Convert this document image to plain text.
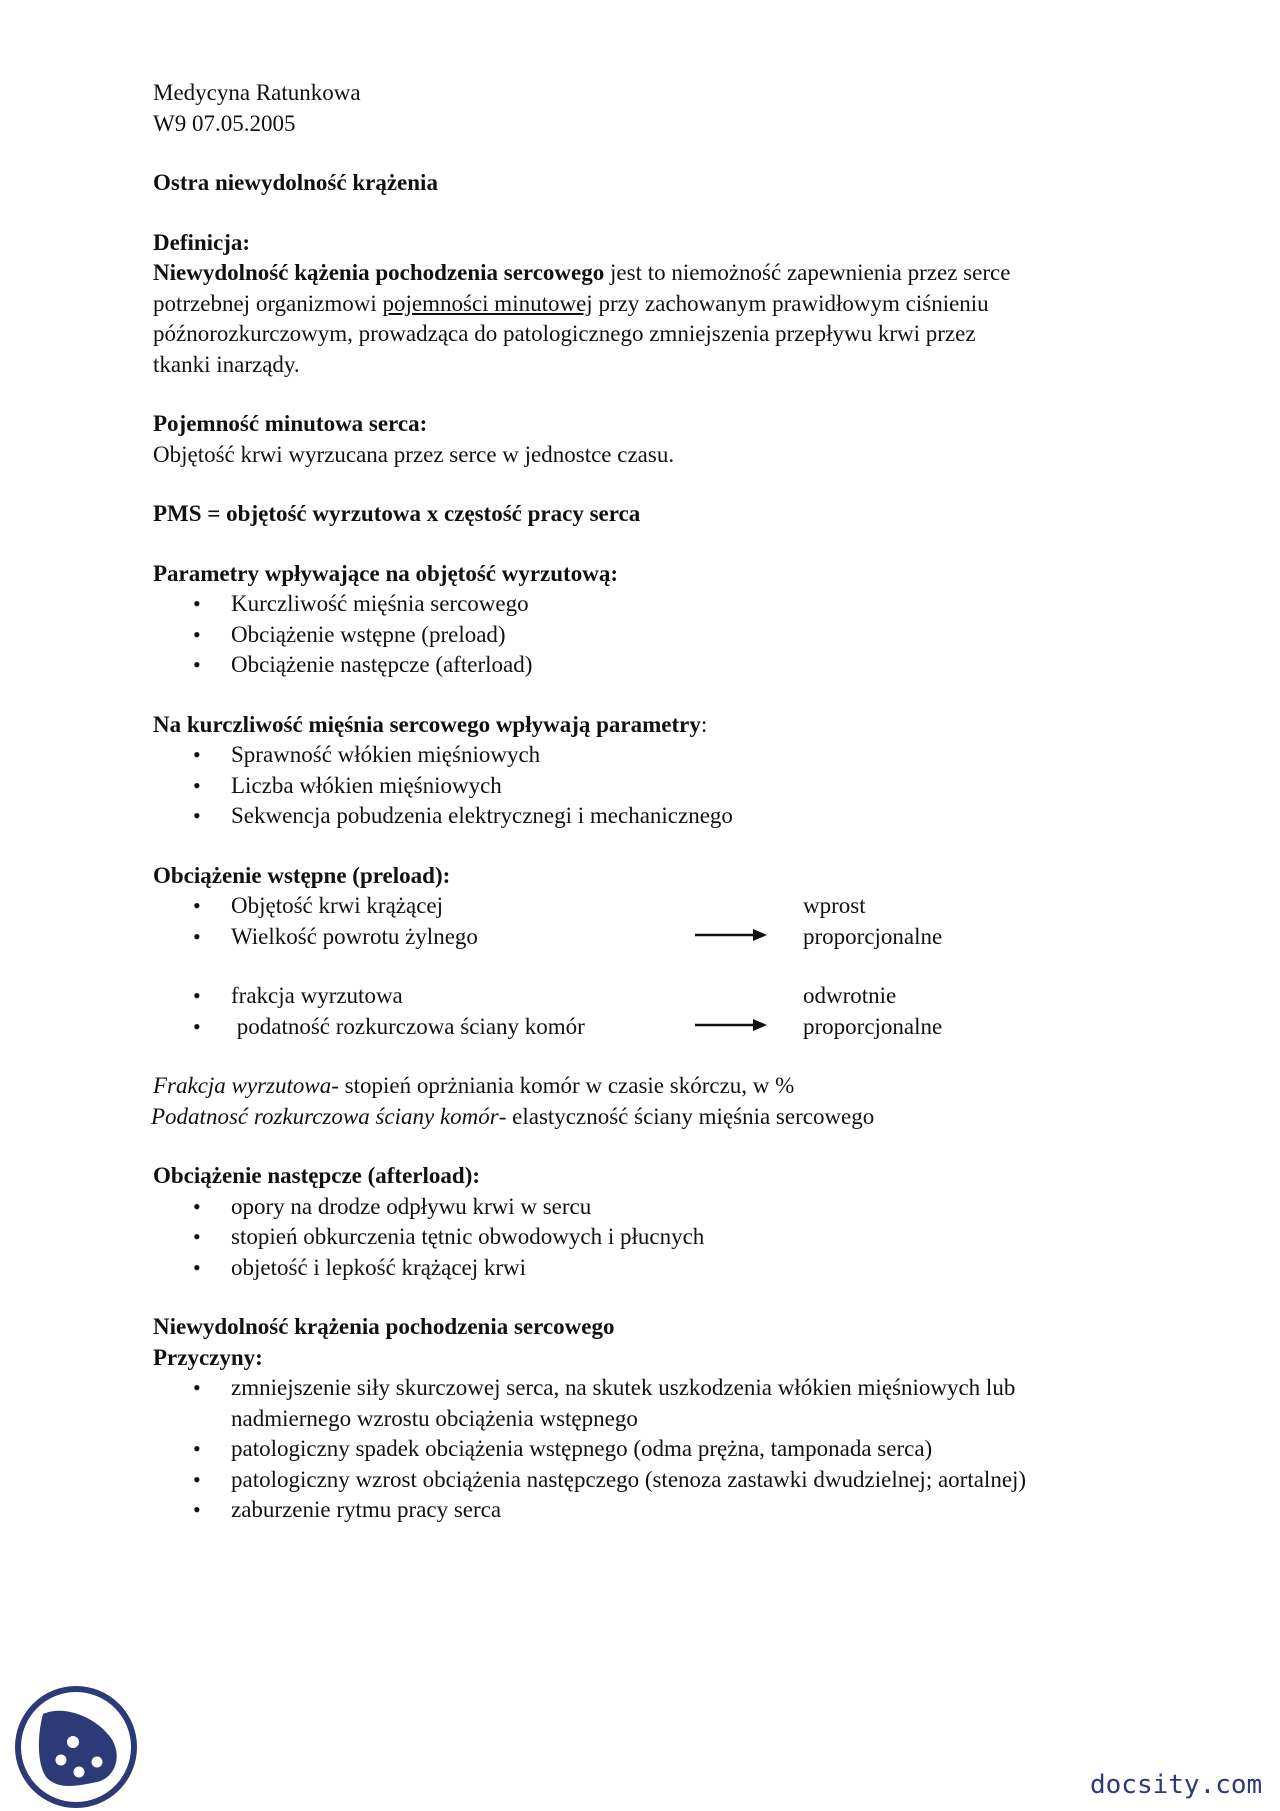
Medycyna Ratunkowa
W9 07.05.2005
Ostra niewydolność krążenia
Definicja:
Niewydolność kążenia pochodzenia sercowego jest to niemożność zapewnienia przez serce
potrzebnej organizmowi pojemności minutowej przy zachowanym prawidłowym ciśnieniu
późnorozkurczowym, prowadząca do patologicznego zmniejszenia przepływu krwi przez
tkanki inarządy.
Pojemność minutowa serca:
Objętość krwi wyrzucana przez serce w jednostce czasu.
PMS = objętość wyrzutowa x częstość pracy serca
Parametry wpływające na objętość wyrzutową:
• Kurczliwość mięśnia sercowego
• Obciążenie wstępne (preload)
• Obciążenie następcze (afterload)
Na kurczliwość mięśnia sercowego wpływają parametry:
• Sprawność włókien mięśniowych
• Liczba włókien mięśniowych
• Sekwencja pobudzenia elektrycznegi i mechanicznego
Obciążenie wstępne (preload):
• Objętość krwi krążącej	wprost
• Wielkość powrotu żylnego	proporcjonalne
• frakcja wyrzutowa	odwrotnie
•  podatność rozkurczowa ściany komór	proporcjonalne
Frakcja wyrzutowa- stopień oprżniania komór w czasie skórczu, w %
Podatnosć rozkurczowa ściany komór- elastyczność ściany mięśnia sercowego
Obciążenie następcze (afterload):
• opory na drodze odpływu krwi w sercu
• stopień obkurczenia tętnic obwodowych i płucnych
• objetość i lepkość krążącej krwi
Niewydolność krążenia pochodzenia sercowego
Przyczyny:
• zmniejszenie siły skurczowej serca, na skutek uszkodzenia włókien mięśniowych lub nadmiernego wzrostu obciążenia wstępnego
• patologiczny spadek obciążenia wstępnego (odma prężna, tamponada serca)
• patologiczny wzrost obciążenia następczego (stenoza zastawki dwudzielnej; aortalnej)
• zaburzenie rytmu pracy serca
docsity.com
